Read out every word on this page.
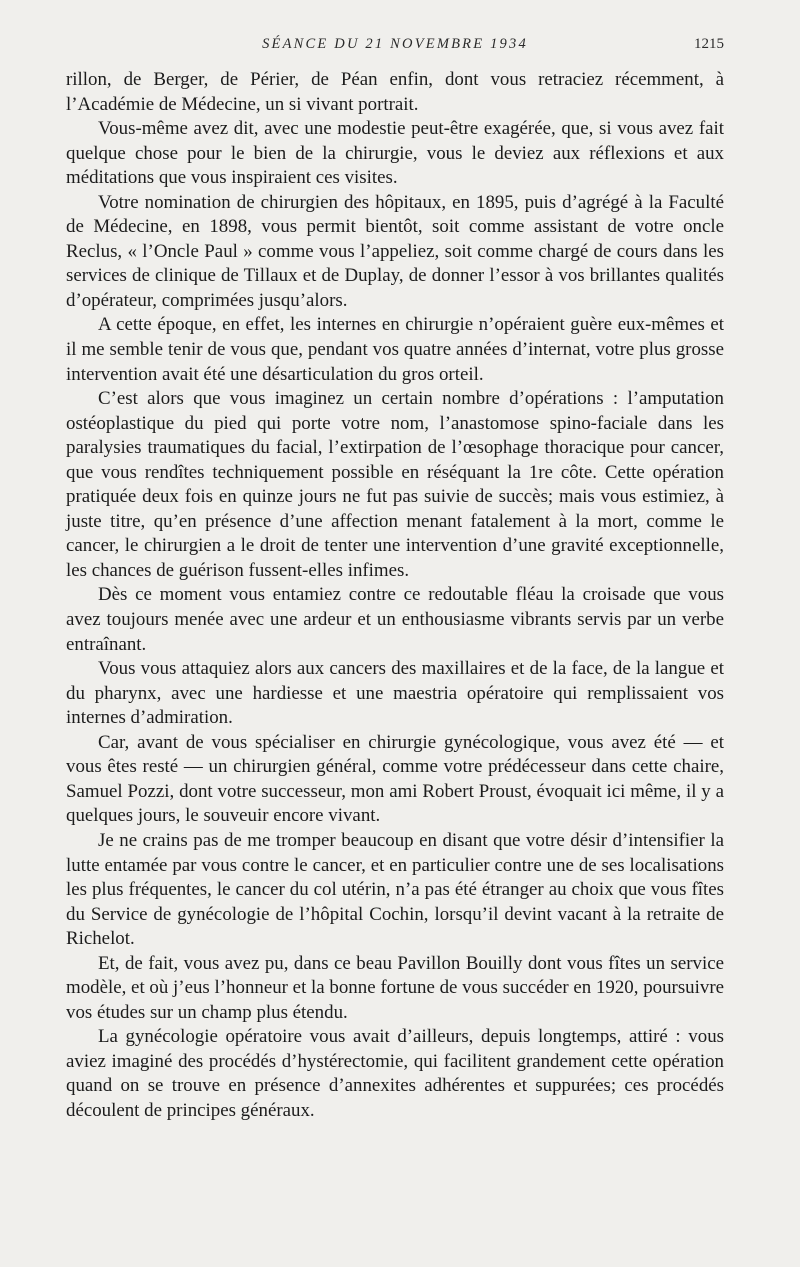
SÉANCE DU 21 NOVEMBRE 1934	1215

rillon, de Berger, de Périer, de Péan enfin, dont vous retraciez récemment, à l’Académie de Médecine, un si vivant portrait.

Vous-même avez dit, avec une modestie peut-être exagérée, que, si vous avez fait quelque chose pour le bien de la chirurgie, vous le deviez aux réflexions et aux méditations que vous inspiraient ces visites.

Votre nomination de chirurgien des hôpitaux, en 1895, puis d’agrégé à la Faculté de Médecine, en 1898, vous permit bientôt, soit comme assistant de votre oncle Reclus, « l’Oncle Paul » comme vous l’appeliez, soit comme chargé de cours dans les services de clinique de Tillaux et de Duplay, de donner l’essor à vos brillantes qualités d’opérateur, comprimées jusqu’alors.

A cette époque, en effet, les internes en chirurgie n’opéraient guère eux-mêmes et il me semble tenir de vous que, pendant vos quatre années d’internat, votre plus grosse intervention avait été une désarticulation du gros orteil.

C’est alors que vous imaginez un certain nombre d’opérations : l’amputation ostéoplastique du pied qui porte votre nom, l’anastomose spino-faciale dans les paralysies traumatiques du facial, l’extirpation de l’œsophage thoracique pour cancer, que vous rendîtes techniquement possible en réséquant la 1re côte. Cette opération pratiquée deux fois en quinze jours ne fut pas suivie de succès; mais vous estimiez, à juste titre, qu’en présence d’une affection menant fatalement à la mort, comme le cancer, le chirurgien a le droit de tenter une intervention d’une gravité exceptionnelle, les chances de guérison fussent-elles infimes.

Dès ce moment vous entamiez contre ce redoutable fléau la croisade que vous avez toujours menée avec une ardeur et un enthousiasme vibrants servis par un verbe entraînant.

Vous vous attaquiez alors aux cancers des maxillaires et de la face, de la langue et du pharynx, avec une hardiesse et une maestria opératoire qui remplissaient vos internes d’admiration.

Car, avant de vous spécialiser en chirurgie gynécologique, vous avez été — et vous êtes resté — un chirurgien général, comme votre prédécesseur dans cette chaire, Samuel Pozzi, dont votre successeur, mon ami Robert Proust, évoquait ici même, il y a quelques jours, le souveuir encore vivant.

Je ne crains pas de me tromper beaucoup en disant que votre désir d’intensifier la lutte entamée par vous contre le cancer, et en particulier contre une de ses localisations les plus fréquentes, le cancer du col utérin, n’a pas été étranger au choix que vous fîtes du Service de gynécologie de l’hôpital Cochin, lorsqu’il devint vacant à la retraite de Richelot.

Et, de fait, vous avez pu, dans ce beau Pavillon Bouilly dont vous fîtes un service modèle, et où j’eus l’honneur et la bonne fortune de vous succéder en 1920, poursuivre vos études sur un champ plus étendu.

La gynécologie opératoire vous avait d’ailleurs, depuis longtemps, attiré : vous aviez imaginé des procédés d’hystérectomie, qui facilitent grandement cette opération quand on se trouve en présence d’annexites adhérentes et suppurées; ces procédés découlent de principes généraux.
